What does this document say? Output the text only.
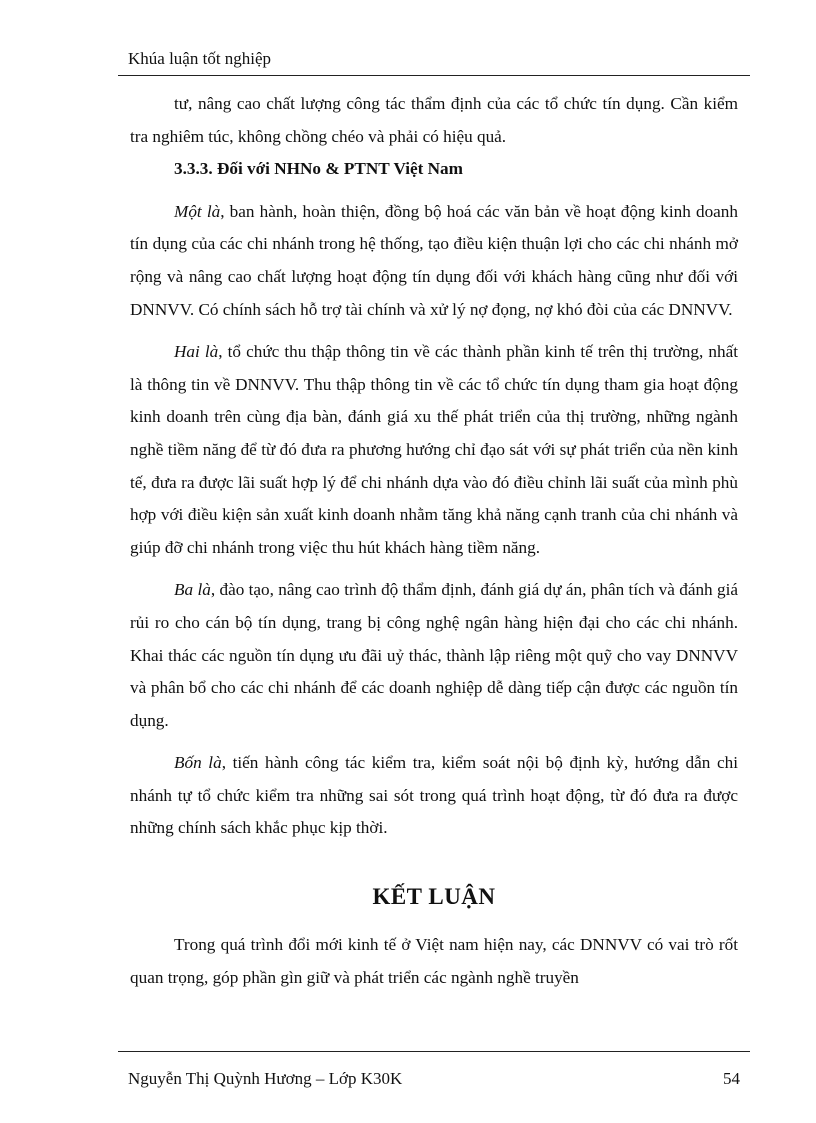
Khúa luận tốt nghiệp

tư, nâng cao chất lượng công tác thẩm định của các tổ chức tín dụng. Cần kiểm tra nghiêm túc, không chồng chéo và phải có hiệu quả.

3.3.3. Đối với NHNo & PTNT Việt Nam

Một là, ban hành, hoàn thiện, đồng bộ hoá các văn bản về hoạt động kinh doanh tín dụng của các chi nhánh trong hệ thống, tạo điều kiện thuận lợi cho các chi nhánh mở rộng và nâng cao chất lượng hoạt động tín dụng đối với khách hàng cũng như đối với DNNVV. Có chính sách hỗ trợ tài chính và xử lý nợ đọng, nợ khó đòi của các DNNVV.

Hai là, tổ chức thu thập thông tin về các thành phần kinh tế trên thị trường, nhất là thông tin về DNNVV. Thu thập thông tin về các tổ chức tín dụng tham gia hoạt động kinh doanh trên cùng địa bàn, đánh giá xu thế phát triển của thị trường, những ngành nghề tiềm năng để từ đó đưa ra phương hướng chỉ đạo sát với sự phát triển của nền kinh tế, đưa ra được lãi suất hợp lý để chi nhánh dựa vào đó điều chỉnh lãi suất của mình phù hợp với điều kiện sản xuất kinh doanh nhằm tăng khả năng cạnh tranh của chi nhánh và giúp đỡ chi nhánh trong việc thu hút khách hàng tiềm năng.

Ba là, đào tạo, nâng cao trình độ thẩm định, đánh giá dự án, phân tích và đánh giá rủi ro cho cán bộ tín dụng, trang bị công nghệ ngân hàng hiện đại cho các chi nhánh. Khai thác các nguồn tín dụng ưu đãi uỷ thác, thành lập riêng một quỹ cho vay DNNVV và phân bổ cho các chi nhánh để các doanh nghiệp dễ dàng tiếp cận được các nguồn tín dụng.

Bốn là, tiến hành công tác kiểm tra, kiểm soát nội bộ định kỳ, hướng dẫn chi nhánh tự tổ chức kiểm tra những sai sót trong quá trình hoạt động, từ đó đưa ra được những chính sách khắc phục kịp thời.

KẾT LUẬN

Trong quá trình đổi mới kinh tế ở Việt nam hiện nay, các DNNVV có vai trò rốt quan trọng, góp phần gìn giữ và phát triển các ngành nghề truyền

Nguyễn Thị Quỳnh Hương – Lớp K30K	54
